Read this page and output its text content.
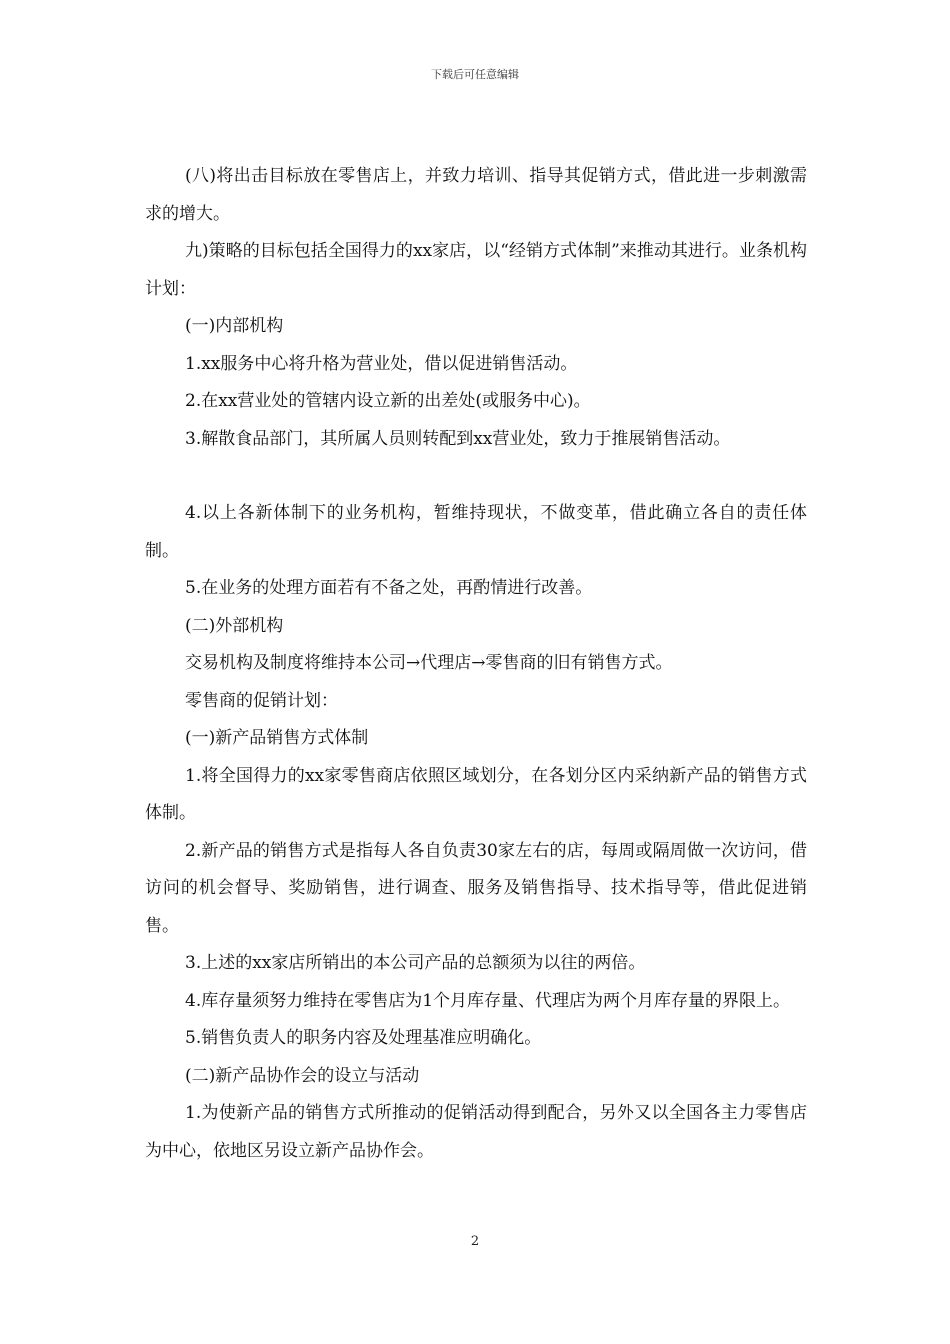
下载后可任意编辑

(八)将出击目标放在零售店上，并致力培训、指导其促销方式，借此进一步刺激需求的增大。

九)策略的目标包括全国得力的xx家店，以“经销方式体制”来推动其进行。业条机构计划：

(一)内部机构

1.xx服务中心将升格为营业处，借以促进销售活动。

2.在xx营业处的管辖内设立新的出差处(或服务中心)。

3.解散食品部门，其所属人员则转配到xx营业处，致力于推展销售活动。

4.以上各新体制下的业务机构，暂维持现状，不做变革，借此确立各自的责任体制。

5.在业务的处理方面若有不备之处，再酌情进行改善。

(二)外部机构

交易机构及制度将维持本公司→代理店→零售商的旧有销售方式。

零售商的促销计划：

(一)新产品销售方式体制

1.将全国得力的xx家零售商店依照区域划分，在各划分区内采纳新产品的销售方式体制。

2.新产品的销售方式是指每人各自负责30家左右的店，每周或隔周做一次访问，借访问的机会督导、奖励销售，进行调查、服务及销售指导、技术指导等，借此促进销售。

3.上述的xx家店所销出的本公司产品的总额须为以往的两倍。

4.库存量须努力维持在零售店为1个月库存量、代理店为两个月库存量的界限上。

5.销售负责人的职务内容及处理基准应明确化。

(二)新产品协作会的设立与活动

1.为使新产品的销售方式所推动的促销活动得到配合，另外又以全国各主力零售店为中心，依地区另设立新产品协作会。

2
